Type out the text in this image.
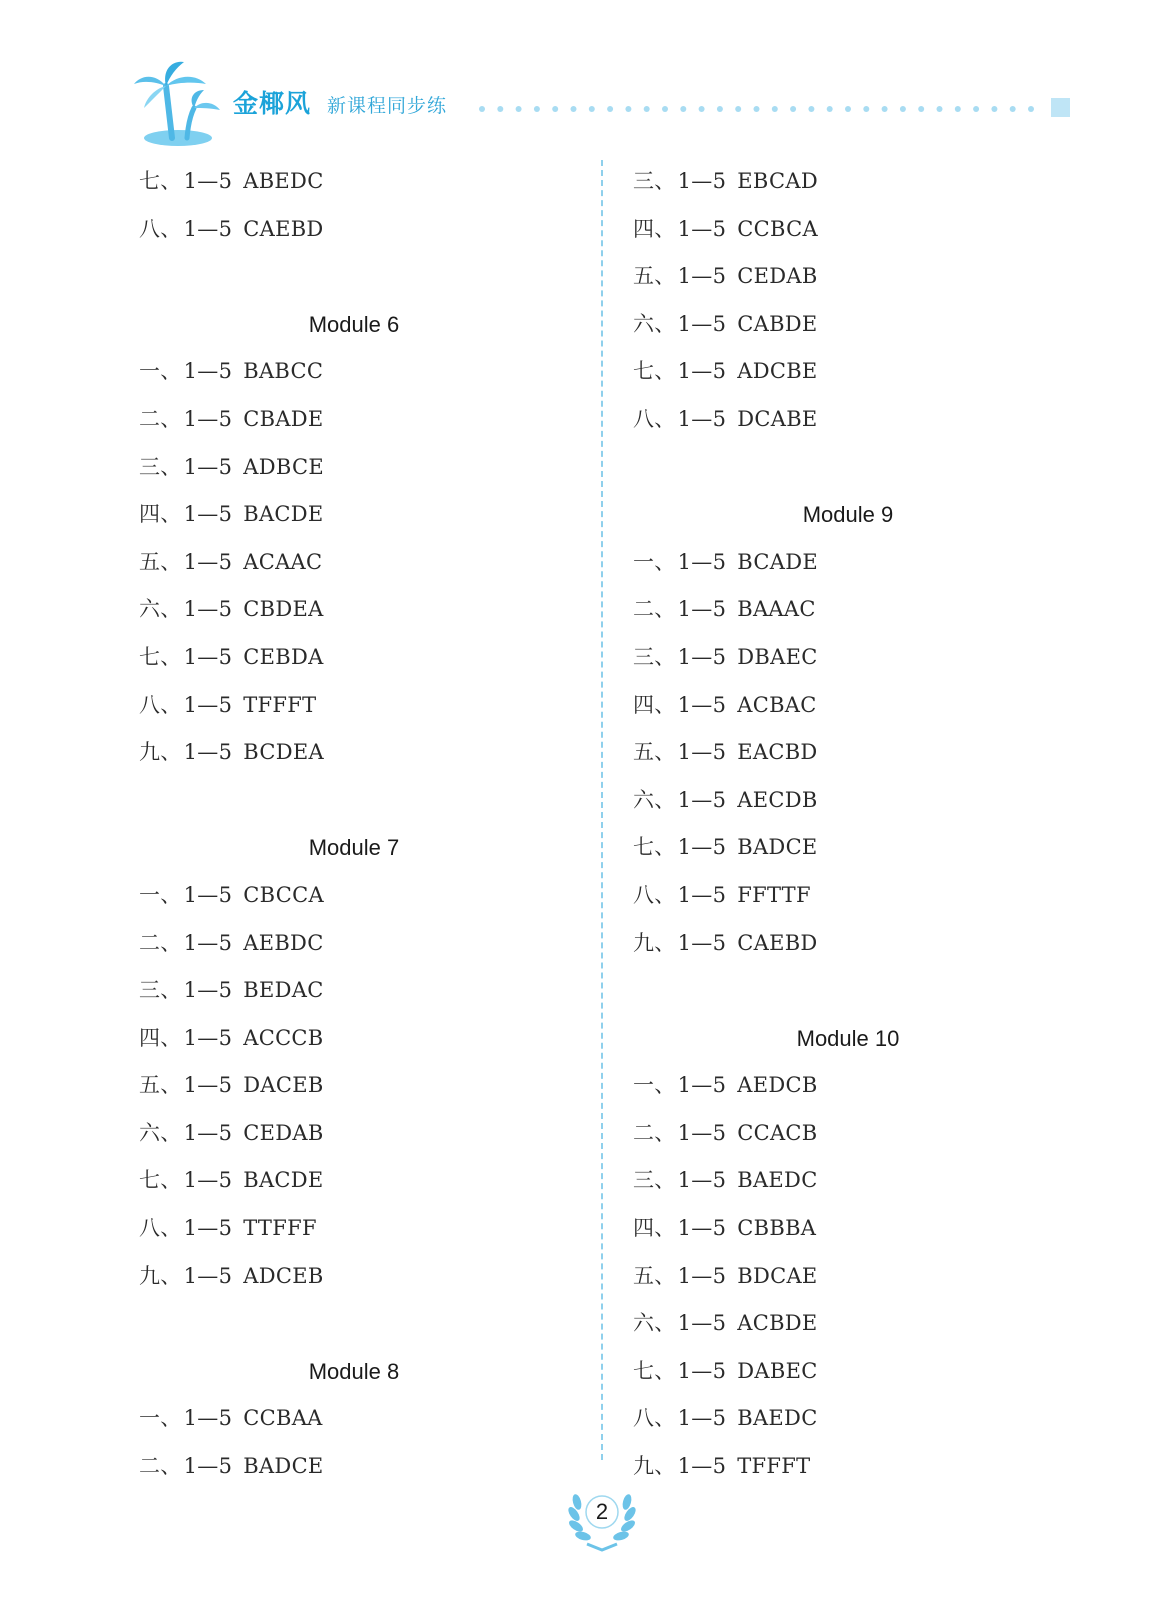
金椰风 新课程同步练
七、1—5 ABEDC
八、1—5 CAEBD
Module 6
一、1—5 BABCC
二、1—5 CBADE
三、1—5 ADBCE
四、1—5 BACDE
五、1—5 ACAAC
六、1—5 CBDEA
七、1—5 CEBDA
八、1—5 TFFFT
九、1—5 BCDEA
Module 7
一、1—5 CBCCA
二、1—5 AEBDC
三、1—5 BEDAC
四、1—5 ACCCB
五、1—5 DACEB
六、1—5 CEDAB
七、1—5 BACDE
八、1—5 TTFFF
九、1—5 ADCEB
Module 8
一、1—5 CCBAA
二、1—5 BADCE
三、1—5 EBCAD
四、1—5 CCBCA
五、1—5 CEDAB
六、1—5 CABDE
七、1—5 ADCBE
八、1—5 DCABE
Module 9
一、1—5 BCADE
二、1—5 BAAAC
三、1—5 DBAEC
四、1—5 ACBAC
五、1—5 EACBD
六、1—5 AECDB
七、1—5 BADCE
八、1—5 FFTTF
九、1—5 CAEBD
Module 10
一、1—5 AEDCB
二、1—5 CCACB
三、1—5 BAEDC
四、1—5 CBBBA
五、1—5 BDCAE
六、1—5 ACBDE
七、1—5 DABEC
八、1—5 BAEDC
九、1—5 TFFFT
2
